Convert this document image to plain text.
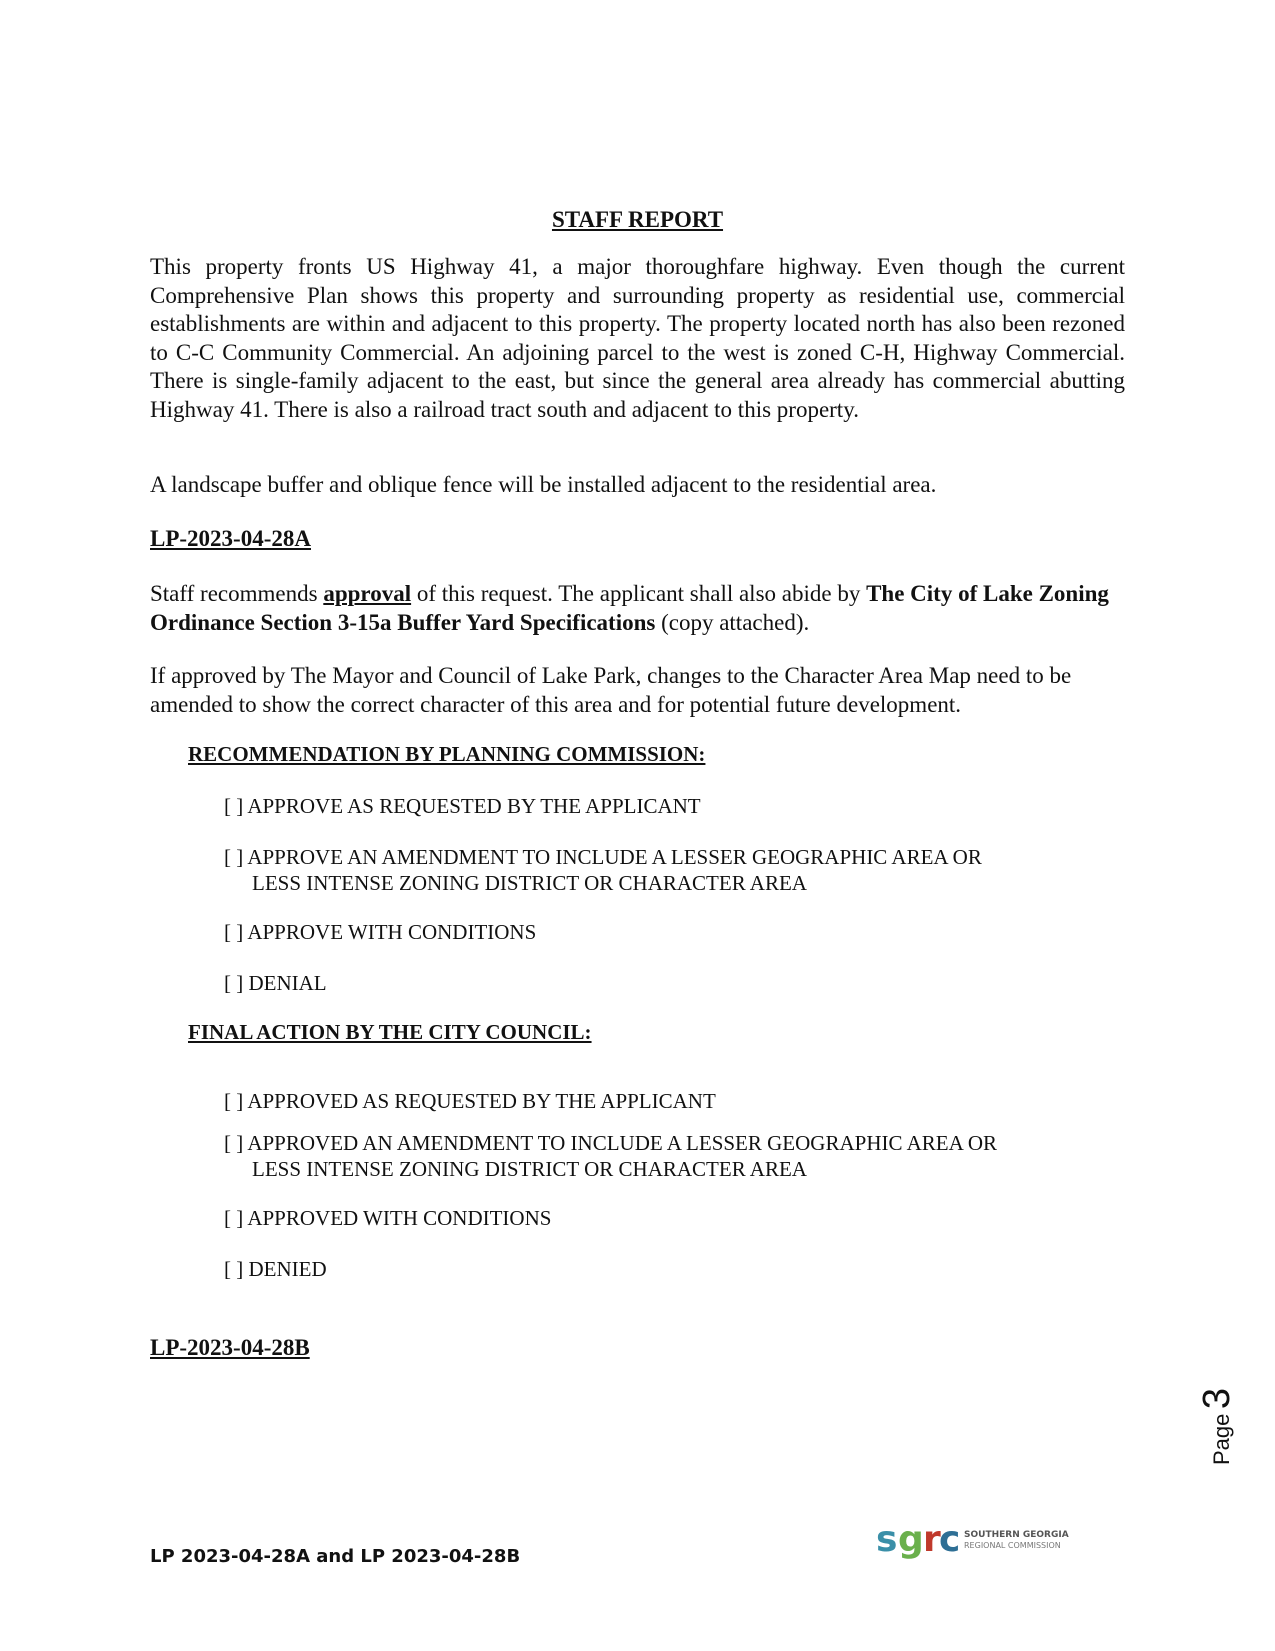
STAFF REPORT

This property fronts US Highway 41, a major thoroughfare highway. Even though the current Comprehensive Plan shows this property and surrounding property as residential use, commercial establishments are within and adjacent to this property. The property located north has also been rezoned to C-C Community Commercial. An adjoining parcel to the west is zoned C-H, Highway Commercial. There is single-family adjacent to the east, but since the general area already has commercial abutting Highway 41. There is also a railroad tract south and adjacent to this property.

A landscape buffer and oblique fence will be installed adjacent to the residential area.

LP-2023-04-28A

Staff recommends approval of this request. The applicant shall also abide by The City of Lake Zoning Ordinance Section 3-15a Buffer Yard Specifications (copy attached).

If approved by The Mayor and Council of Lake Park, changes to the Character Area Map need to be amended to show the correct character of this area and for potential future development.

RECOMMENDATION BY PLANNING COMMISSION:
[ ] APPROVE AS REQUESTED BY THE APPLICANT
[ ] APPROVE AN AMENDMENT TO INCLUDE A LESSER GEOGRAPHIC AREA OR
LESS INTENSE ZONING DISTRICT OR CHARACTER AREA
[ ] APPROVE WITH CONDITIONS
[ ] DENIAL
FINAL ACTION BY THE CITY COUNCIL:
[ ] APPROVED AS REQUESTED BY THE APPLICANT
[ ] APPROVED AN AMENDMENT TO INCLUDE A LESSER GEOGRAPHIC AREA OR
LESS INTENSE ZONING DISTRICT OR CHARACTER AREA
[ ] APPROVED WITH CONDITIONS
[ ] DENIED
LP-2023-04-28B
Page 3
LP 2023-04-28A and LP 2023-04-28B	s g r
c SOUTHERN GEORGIA
REGIONAL COMMISSION
